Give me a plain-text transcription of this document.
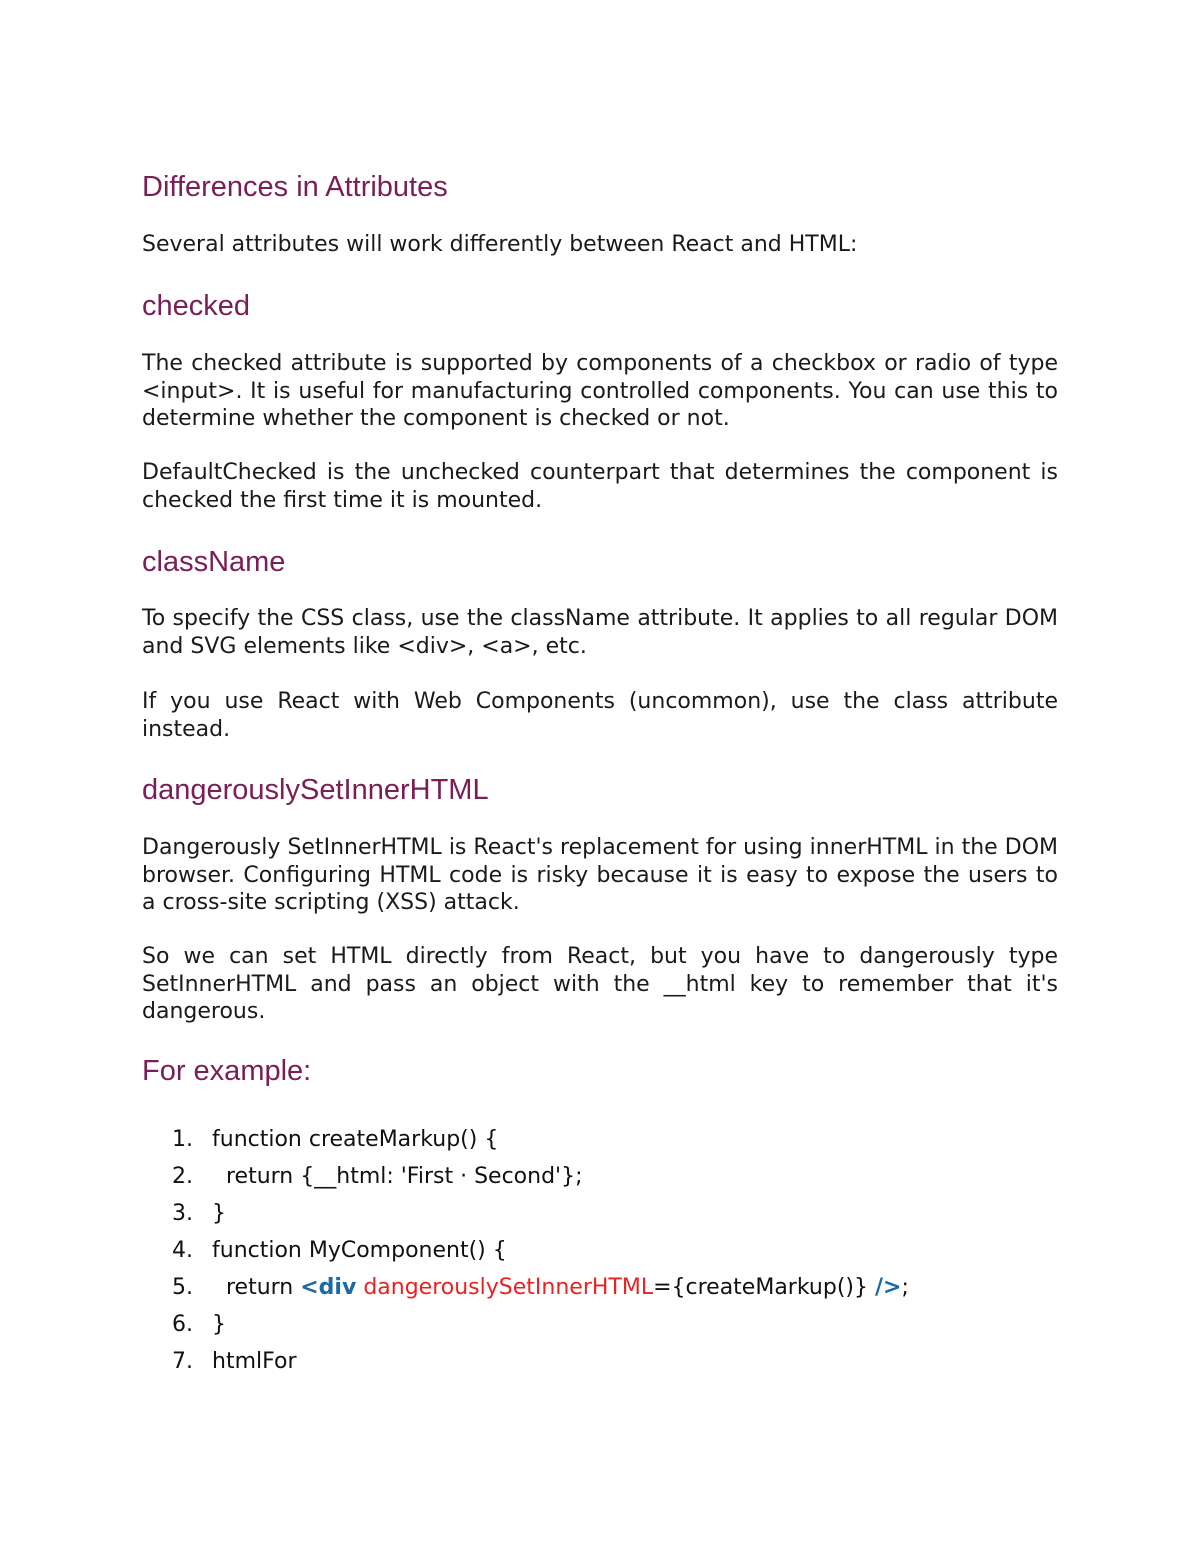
Differences in Attributes

Several attributes will work differently between React and HTML:

checked

The checked attribute is supported by components of a checkbox or radio of type <input>. It is useful for manufacturing controlled components. You can use this to determine whether the component is checked or not.

DefaultChecked is the unchecked counterpart that determines the component is checked the first time it is mounted.

className

To specify the CSS class, use the className attribute. It applies to all regular DOM and SVG elements like <div>, <a>, etc.

If you use React with Web Components (uncommon), use the class attribute instead.

dangerouslySetInnerHTML

Dangerously SetInnerHTML is React's replacement for using innerHTML in the DOM browser. Configuring HTML code is risky because it is easy to expose the users to a cross-site scripting (XSS) attack.

So we can set HTML directly from React, but you have to dangerously type SetInnerHTML and pass an object with the __html key to remember that it's dangerous.

For example:
1. function createMarkup() {
2.  return {__html: 'First · Second'};
3. }
4. function MyComponent() {
5.  return <div dangerouslySetInnerHTML={createMarkup()} />;
6. }
7. htmlFor
